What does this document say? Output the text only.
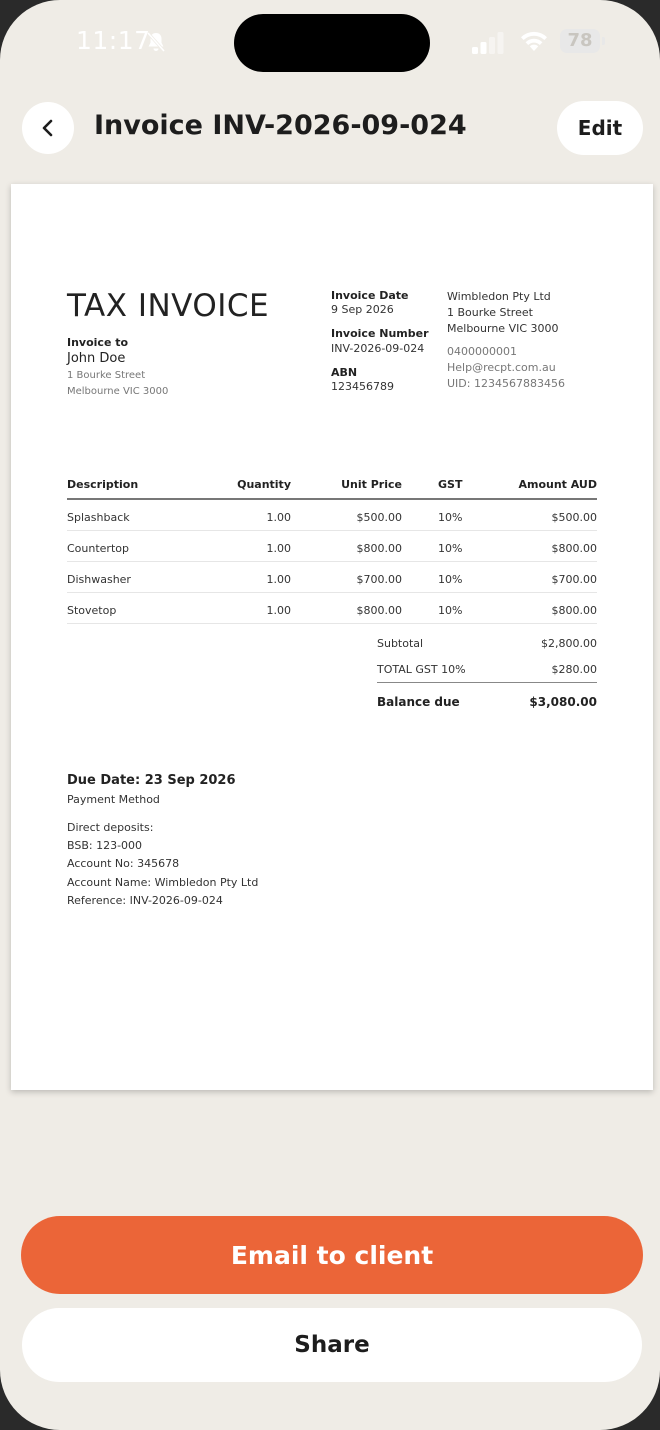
11:17	78
Invoice INV-2026-09-024	Edit
TAX INVOICE
Invoice to
John Doe
1 Bourke Street
Melbourne VIC 3000
Invoice Date
9 Sep 2026
Invoice Number
INV-2026-09-024
ABN
123456789
Wimbledon Pty Ltd
1 Bourke Street
Melbourne VIC 3000
0400000001
Help@recpt.com.au
UID: 1234567883456
Description	Quantity	Unit Price	GST	Amount AUD
Splashback	1.00	$500.00	10%	$500.00
Countertop	1.00	$800.00	10%	$800.00
Dishwasher	1.00	$700.00	10%	$700.00
Stovetop	1.00	$800.00	10%	$800.00
Subtotal	$2,800.00
TOTAL GST 10%	$280.00
Balance due	$3,080.00
Due Date: 23 Sep 2026
Payment Method
Direct deposits:
BSB: 123-000
Account No: 345678
Account Name: Wimbledon Pty Ltd
Reference: INV-2026-09-024
Email to client
Share
